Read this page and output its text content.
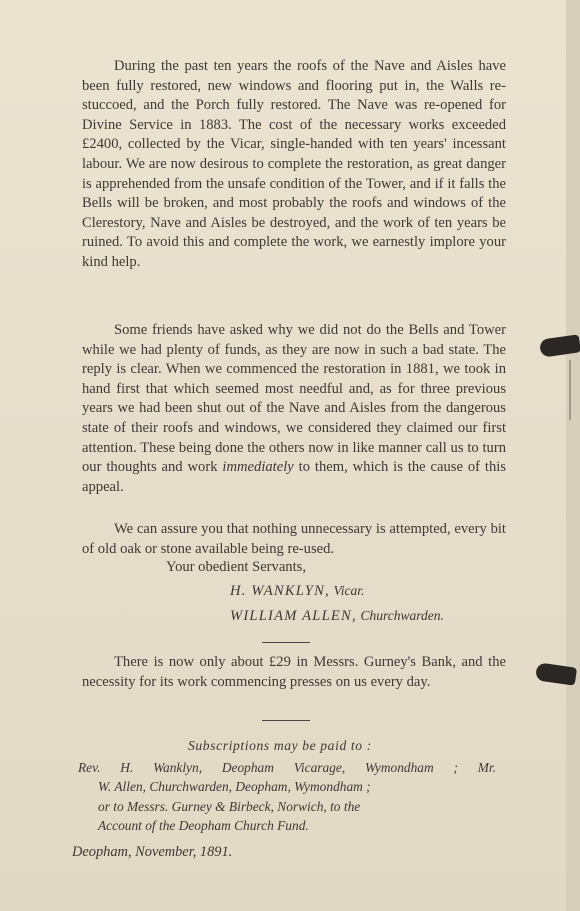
During the past ten years the roofs of the Nave and Aisles have been fully restored, new windows and flooring put in, the Walls re-stuccoed, and the Porch fully restored. The Nave was re-opened for Divine Service in 1883. The cost of the necessary works exceeded £2400, collected by the Vicar, single-handed with ten years' incessant labour. We are now desirous to complete the restoration, as great danger is apprehended from the unsafe condition of the Tower, and if it falls the Bells will be broken, and most probably the roofs and windows of the Clerestory, Nave and Aisles be destroyed, and the work of ten years be ruined. To avoid this and complete the work, we earnestly implore your kind help.

Some friends have asked why we did not do the Bells and Tower while we had plenty of funds, as they are now in such a bad state. The reply is clear. When we commenced the restoration in 1881, we took in hand first that which seemed most needful and, as for three previous years we had been shut out of the Nave and Aisles from the dangerous state of their roofs and windows, we considered they claimed our first attention. These being done the others now in like manner call us to turn our thoughts and work immediately to them, which is the cause of this appeal.

We can assure you that nothing unnecessary is attempted, every bit of old oak or stone available being re-used.

Your obedient Servants,
H. WANKLYN, Vicar.
WILLIAM ALLEN, Churchwarden.

There is now only about £29 in Messrs. Gurney's Bank, and the necessity for its work commencing presses on us every day.

Subscriptions may be paid to :

Rev. H. Wanklyn, Deopham Vicarage, Wymondham ; Mr.

W. Allen, Churchwarden, Deopham, Wymondham ;

or to Messrs. Gurney & Birbeck, Norwich, to the

Account of the Deopham Church Fund.

Deopham, November, 1891.
